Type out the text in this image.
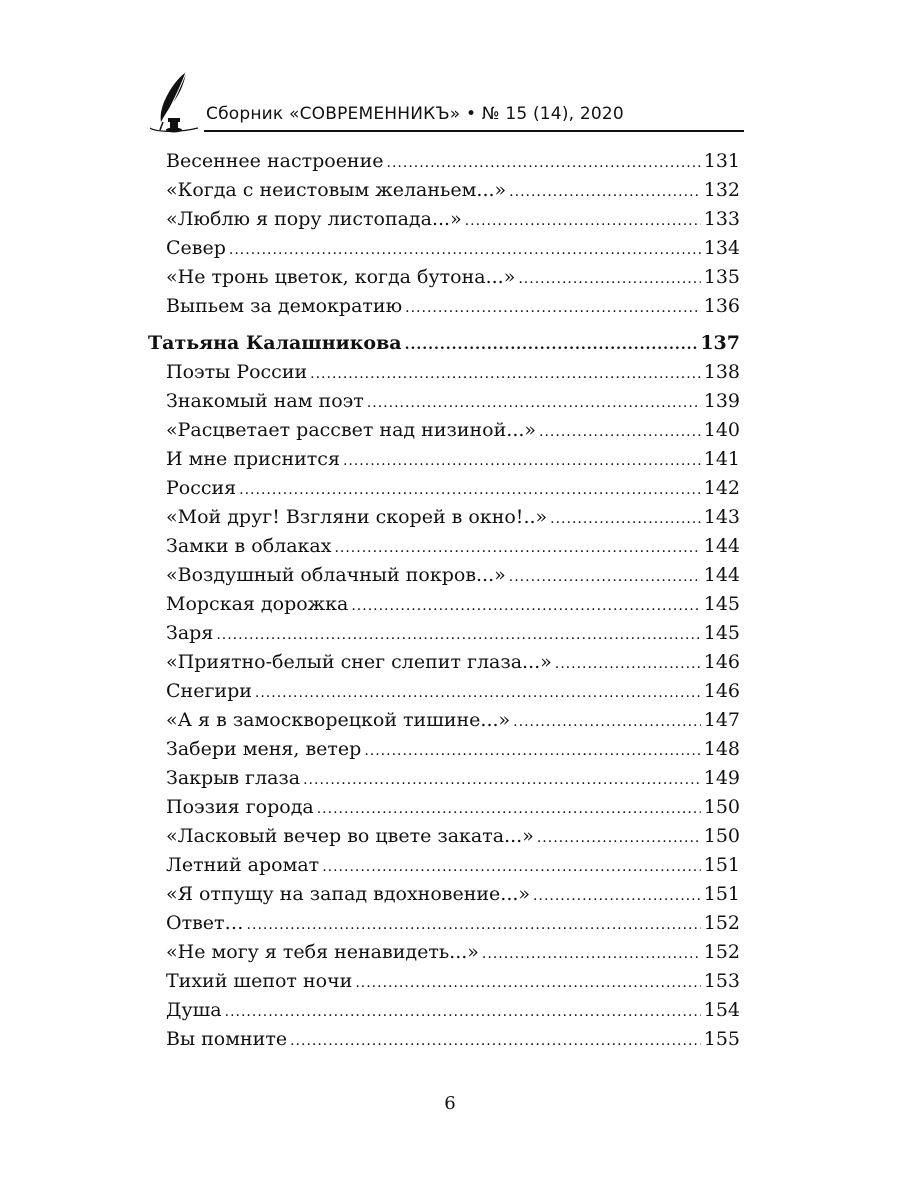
Сборник «СОВРЕМЕННИКЪ» • № 15 (14), 2020
Весеннее настроение .....	131
«Когда с неистовым желаньем...» .....	132
«Люблю я пору листопада...» .....	133
Север .....	134
«Не тронь цветок, когда бутона...» .....	135
Выпьем за демократию .....	136
Татьяна Калашникова .....	137
Поэты России .....	138
Знакомый нам поэт .....	139
«Расцветает рассвет над низиной...» .....	140
И мне приснится .....	141
Россия .....	142
«Мой друг! Взгляни скорей в окно!..» .....	143
Замки в облаках .....	144
«Воздушный облачный покров...» .....	144
Морская дорожка .....	145
Заря .....	145
«Приятно-белый снег слепит глаза...» .....	146
Снегири .....	146
«А я в замоскворецкой тишине...» .....	147
Забери меня, ветер .....	148
Закрыв глаза .....	149
Поэзия города .....	150
«Ласковый вечер во цвете заката...» .....	150
Летний аромат .....	151
«Я отпущу на запад вдохновение...» .....	151
Ответ… .....	152
«Не могу я тебя ненавидеть...» .....	152
Тихий шепот ночи .....	153
Душа .....	154
Вы помните .....	155
6
